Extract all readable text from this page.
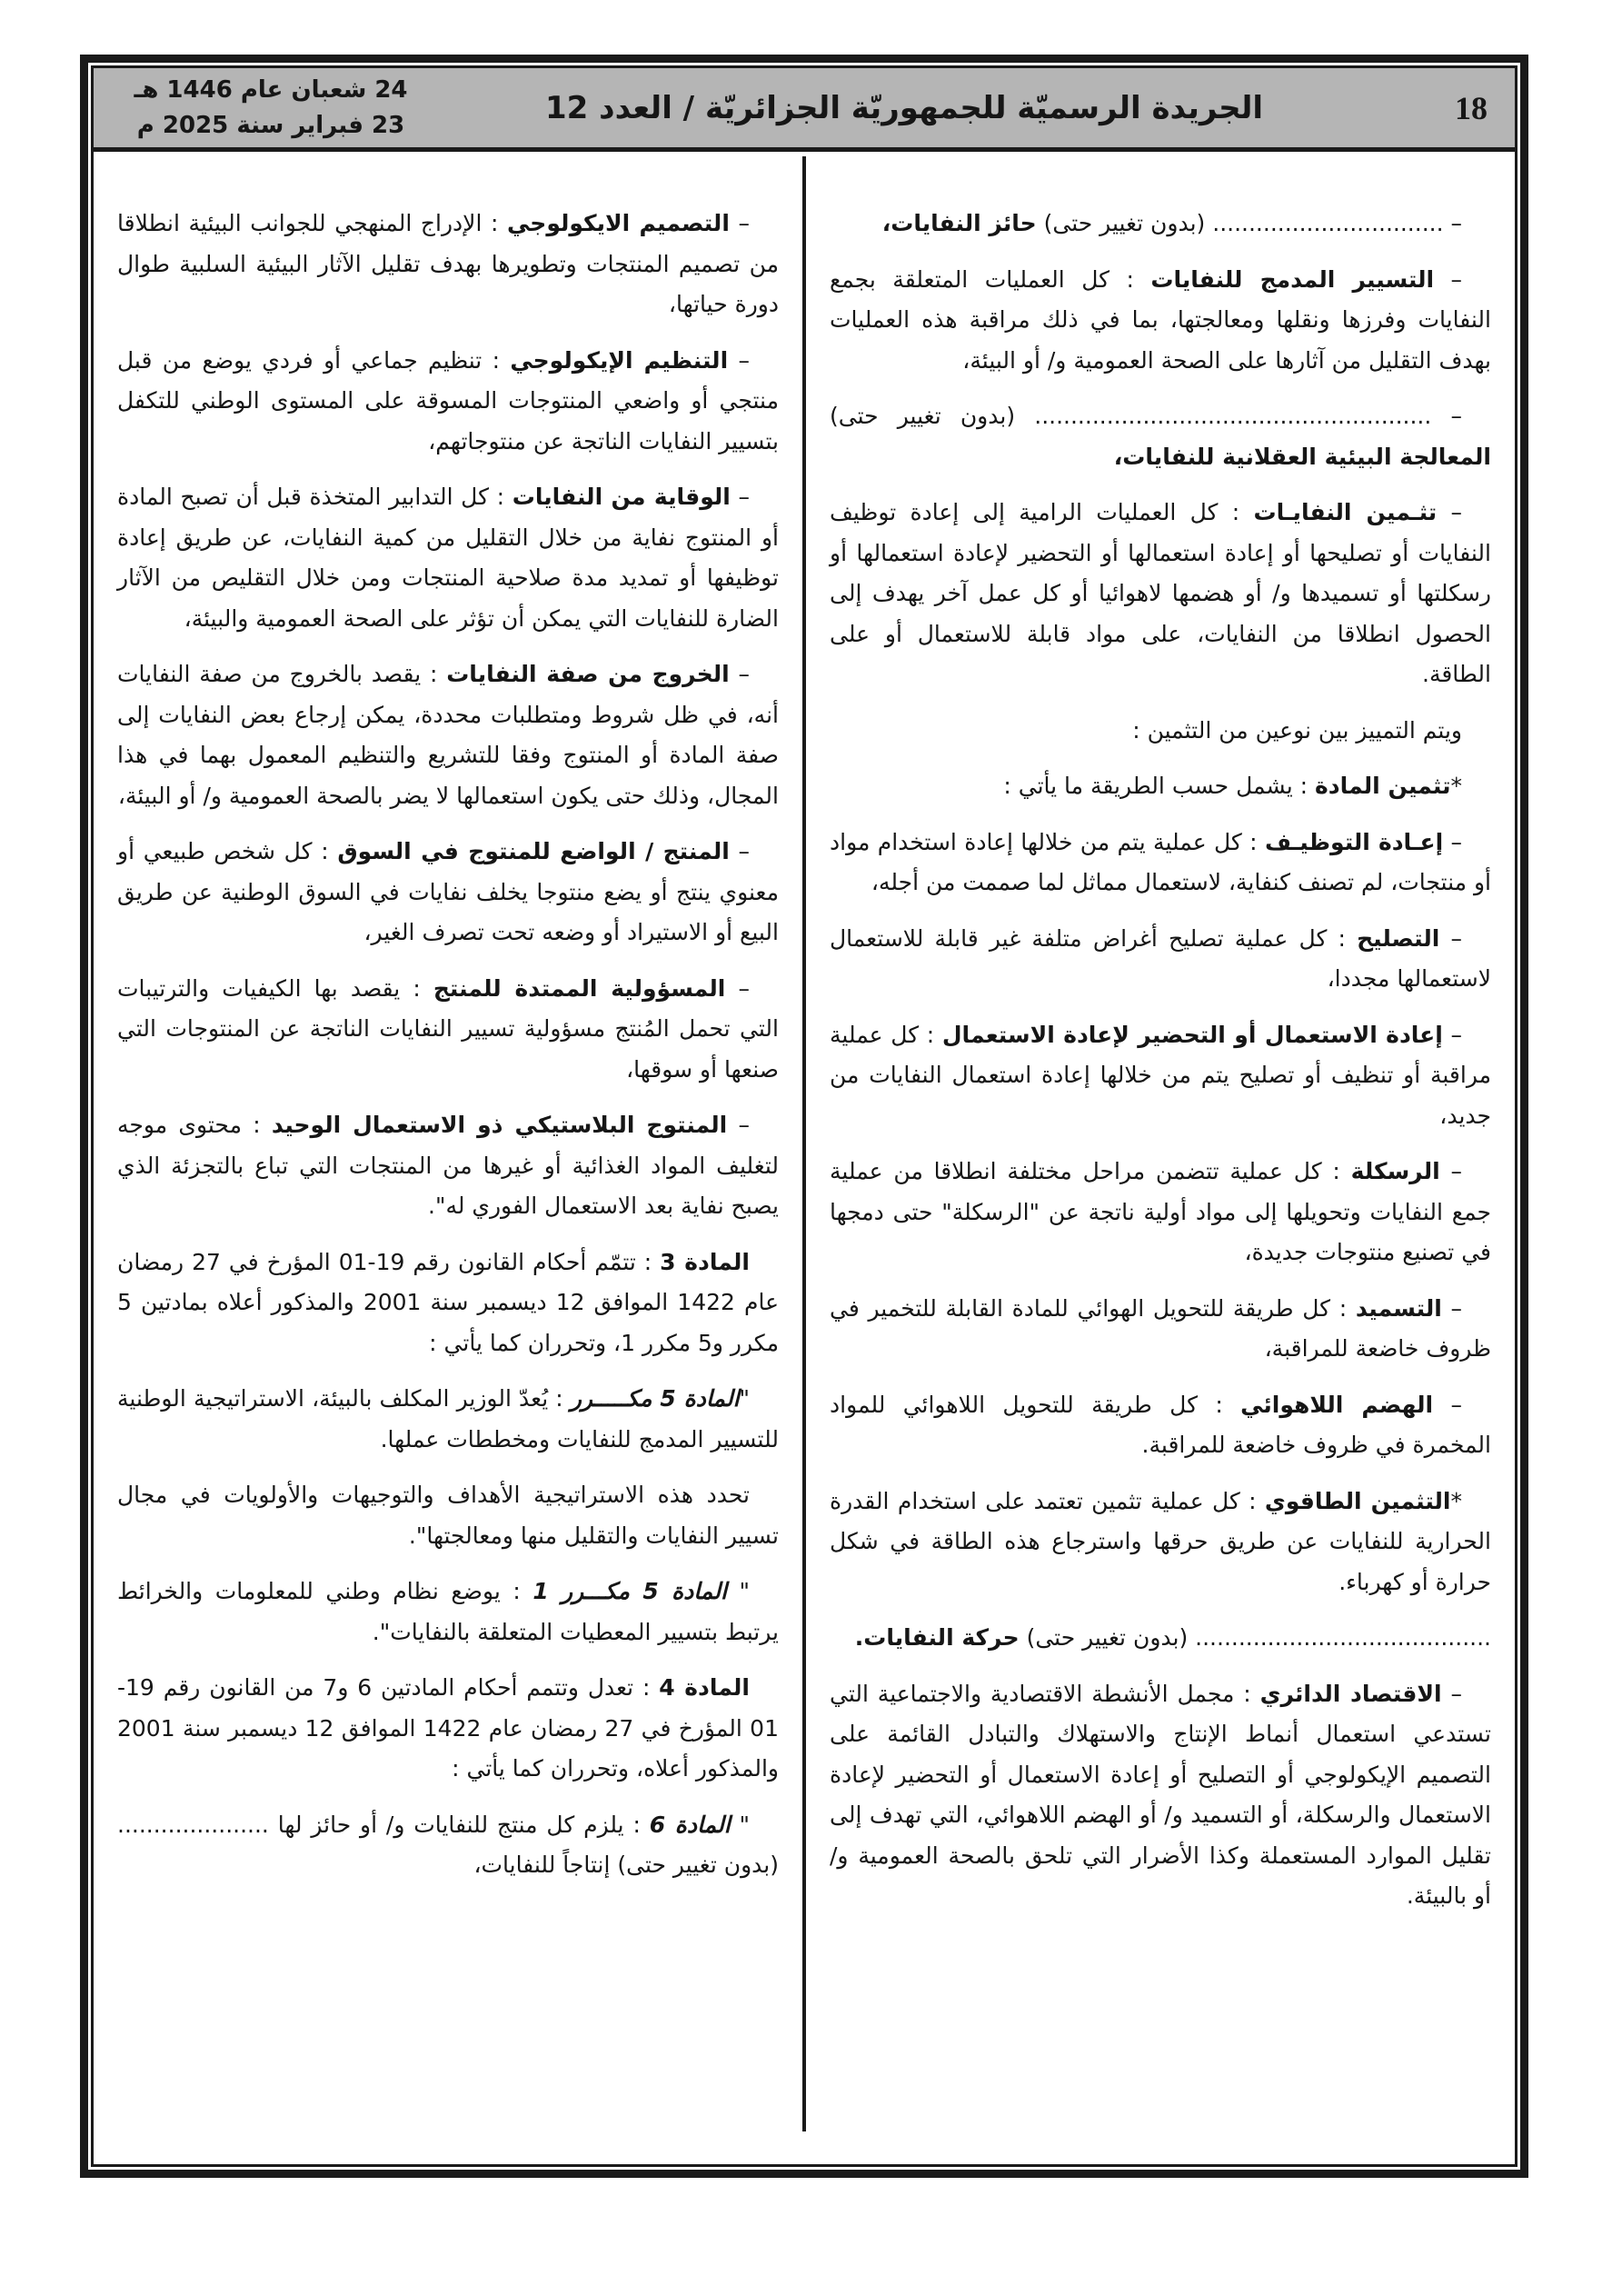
24 شعبان عام 1446 هـ
23 فبراير سنة 2025 م	الجريدة الرسميّة للجمهوريّة الجزائريّة / العدد 12	18

– ................................ (بدون تغيير حتى) حائز النفايات،

– التسيير المدمج للنفايات : كل العمليات المتعلقة بجمع النفايات وفرزها ونقلها ومعالجتها، بما في ذلك مراقبة هذه العمليات بهدف التقليل من آثارها على الصحة العمومية و/ أو البيئة،

– ....................................................... (بدون تغيير حتى) المعالجة البيئية العقلانية للنفايات،

– تثـمين النفايـات : كل العمليات الرامية إلى إعادة توظيف النفايات أو تصليحها أو إعادة استعمالها أو التحضير لإعادة استعمالها أو رسكلتها أو تسميدها و/ أو هضمها لاهوائيا أو كل عمل آخر يهدف إلى الحصول انطلاقا من النفايات، على مواد قابلة للاستعمال أو على الطاقة.

ويتم التمييز بين نوعين من التثمين :

*تثمين المادة : يشمل حسب الطريقة ما يأتي :

– إعـادة التوظيـف : كل عملية يتم من خلالها إعادة استخدام مواد أو منتجات، لم تصنف كنفاية، لاستعمال مماثل لما صممت من أجله،

– التصليح : كل عملية تصليح أغراض متلفة غير قابلة للاستعمال لاستعمالها مجددا،

– إعادة الاستعمال أو التحضير لإعادة الاستعمال : كل عملية مراقبة أو تنظيف أو تصليح يتم من خلالها إعادة استعمال النفايات من جديد،

– الرسكلة : كل عملية تتضمن مراحل مختلفة انطلاقا من عملية جمع النفايات وتحويلها إلى مواد أولية ناتجة عن "الرسكلة" حتى دمجها في تصنيع منتوجات جديدة،

– التسميد : كل طريقة للتحويل الهوائي للمادة القابلة للتخمير في ظروف خاضعة للمراقبة،

– الهضم اللاهوائي : كل طريقة للتحويل اللاهوائي للمواد المخمرة في ظروف خاضعة للمراقبة.

*التثمين الطاقوي : كل عملية تثمين تعتمد على استخدام القدرة الحرارية للنفايات عن طريق حرقها واسترجاع هذه الطاقة في شكل حرارة أو كهرباء.

......................................... (بدون تغيير حتى) حركة النفايات.

– الاقتصاد الدائري : مجمل الأنشطة الاقتصادية والاجتماعية التي تستدعي استعمال أنماط الإنتاج والاستهلاك والتبادل القائمة على التصميم الإيكولوجي أو التصليح أو إعادة الاستعمال أو التحضير لإعادة الاستعمال والرسكلة، أو التسميد و/ أو الهضم اللاهوائي، التي تهدف إلى تقليل الموارد المستعملة وكذا الأضرار التي تلحق بالصحة العمومية و/ أو بالبيئة.

– التصميم الايكولوجي : الإدراج المنهجي للجوانب البيئية انطلاقا من تصميم المنتجات وتطويرها بهدف تقليل الآثار البيئية السلبية طوال دورة حياتها،

– التنظيم الإيكولوجي : تنظيم جماعي أو فردي يوضع من قبل منتجي أو واضعي المنتوجات المسوقة على المستوى الوطني للتكفل بتسيير النفايات الناتجة عن منتوجاتهم،

– الوقاية من النفايات : كل التدابير المتخذة قبل أن تصبح المادة أو المنتوج نفاية من خلال التقليل من كمية النفايات، عن طريق إعادة توظيفها أو تمديد مدة صلاحية المنتجات ومن خلال التقليص من الآثار الضارة للنفايات التي يمكن أن تؤثر على الصحة العمومية والبيئة،

– الخروج من صفة النفايات : يقصد بالخروج من صفة النفايات أنه، في ظل شروط ومتطلبات محددة، يمكن إرجاع بعض النفايات إلى صفة المادة أو المنتوج وفقا للتشريع والتنظيم المعمول بهما في هذا المجال، وذلك حتى يكون استعمالها لا يضر بالصحة العمومية و/ أو البيئة،

– المنتج / الواضع للمنتوج في السوق : كل شخص طبيعي أو معنوي ينتج أو يضع منتوجا يخلف نفايات في السوق الوطنية عن طريق البيع أو الاستيراد أو وضعه تحت تصرف الغير،

– المسؤولية الممتدة للمنتج : يقصد بها الكيفيات والترتيبات التي تحمل المُنتج مسؤولية تسيير النفايات الناتجة عن المنتوجات التي صنعها أو سوقها،

– المنتوج البلاستيكي ذو الاستعمال الوحيد : محتوى موجه لتغليف المواد الغذائية أو غيرها من المنتجات التي تباع بالتجزئة الذي يصبح نفاية بعد الاستعمال الفوري له".

المادة 3 : تتمّم أحكام القانون رقم 19-01 المؤرخ في 27 رمضان عام 1422 الموافق 12 ديسمبر سنة 2001 والمذكور أعلاه بمادتين 5 مكرر و5 مكرر 1، وتحرران كما يأتي :

"المادة 5 مكـــــرر : يُعدّ الوزير المكلف بالبيئة، الاستراتيجية الوطنية للتسيير المدمج للنفايات ومخططات عملها.

تحدد هذه الاستراتيجية الأهداف والتوجيهات والأولويات في مجال تسيير النفايات والتقليل منها ومعالجتها".

" المادة 5 مكـــرر 1 : يوضع نظام وطني للمعلومات والخرائط يرتبط بتسيير المعطيات المتعلقة بالنفايات".

المادة 4 : تعدل وتتمم أحكام المادتين 6 و7 من القانون رقم 19-01 المؤرخ في 27 رمضان عام 1422 الموافق 12 ديسمبر سنة 2001 والمذكور أعلاه، وتحرران كما يأتي :

" المادة 6 : يلزم كل منتج للنفايات و/ أو حائز لها ..................... (بدون تغيير حتى) إنتاجاً للنفايات،
